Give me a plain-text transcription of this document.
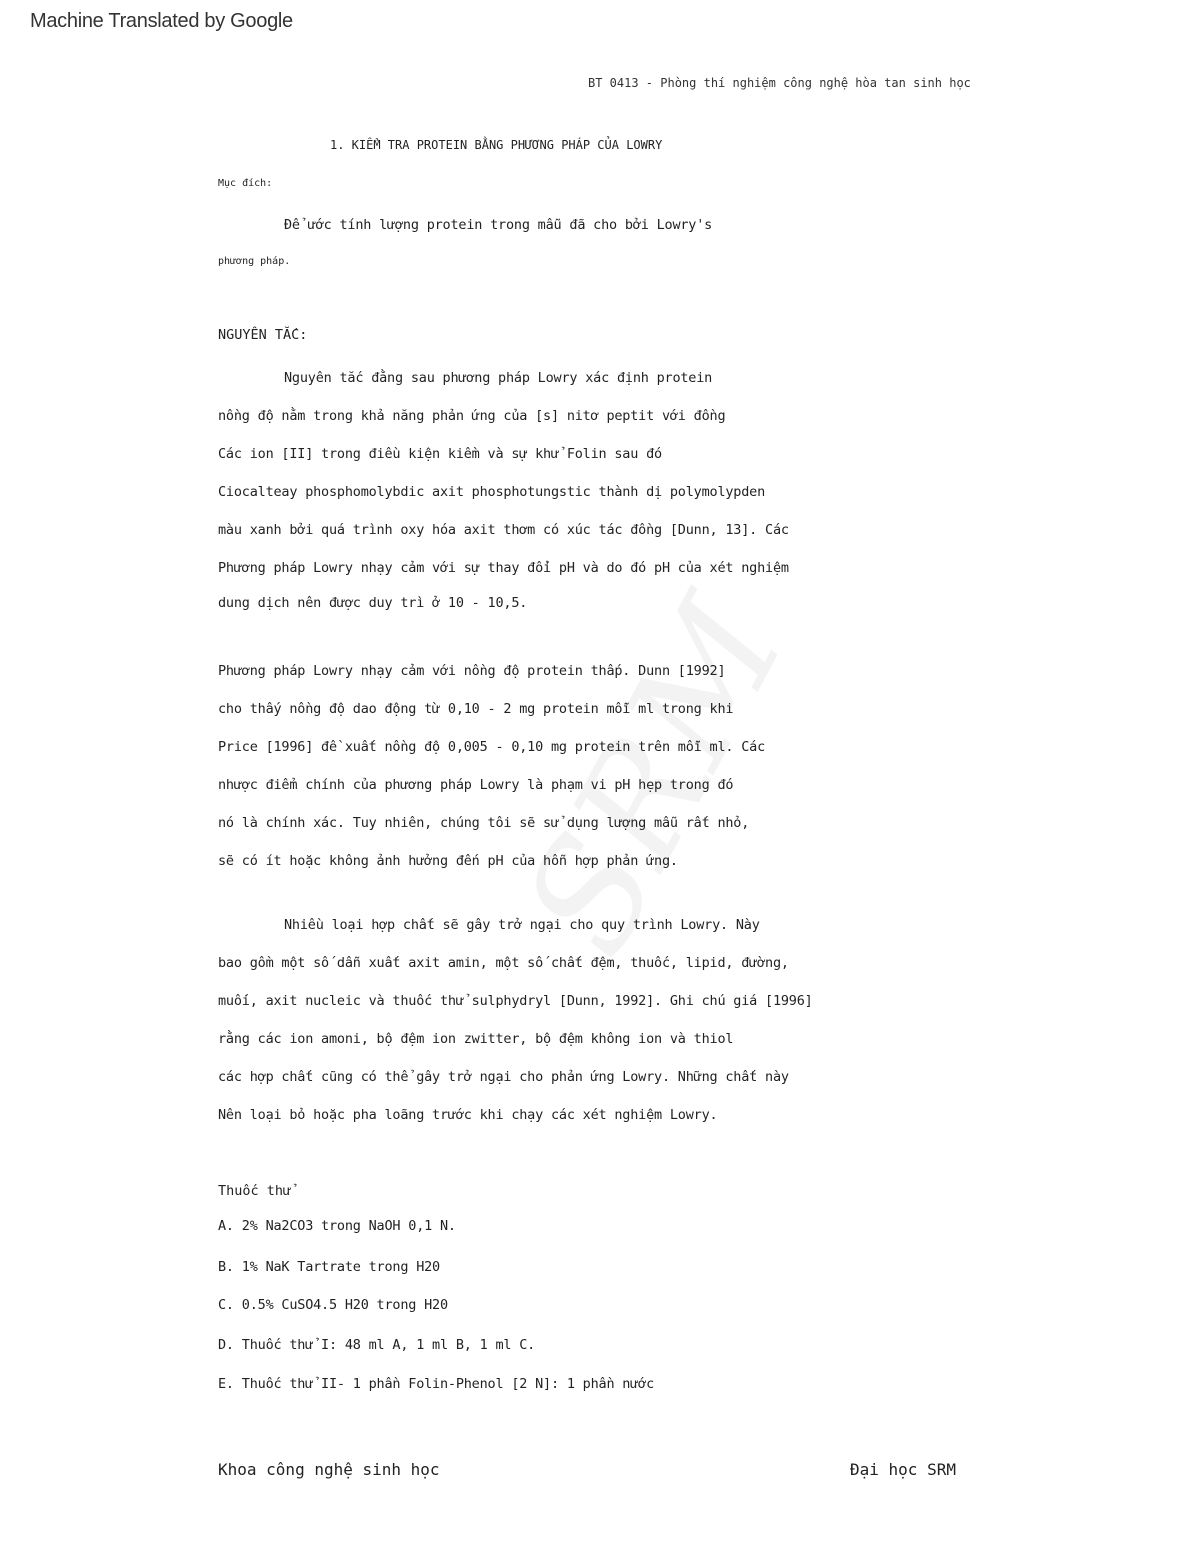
Machine Translated by Google
BT 0413 - Phòng thí nghiệm công nghệ hòa tan sinh học
1. KIỂM TRA PROTEIN BẰNG PHƯƠNG PHÁP CỦA LOWRY
Mục đích:
Để ước tính lượng protein trong mẫu đã cho bởi Lowry's
phương pháp.
NGUYÊN TẮC:
Nguyên tắc đằng sau phương pháp Lowry xác định protein
nồng độ nằm trong khả năng phản ứng của [s] nitơ peptit với đồng
Các ion [II] trong điều kiện kiềm và sự khử Folin sau đó
Ciocalteay phosphomolybdic axit phosphotungstic thành dị polymolypden
màu xanh bởi quá trình oxy hóa axit thơm có xúc tác đồng [Dunn, 13]. Các
Phương pháp Lowry nhạy cảm với sự thay đổi pH và do đó pH của xét nghiệm
dung dịch nên được duy trì ở 10 - 10,5.
Phương pháp Lowry nhạy cảm với nồng độ protein thấp. Dunn [1992]
cho thấy nồng độ dao động từ 0,10 - 2 mg protein mỗi ml trong khi
Price [1996] đề xuất nồng độ 0,005 - 0,10 mg protein trên mỗi ml. Các
nhược điểm chính của phương pháp Lowry là phạm vi pH hẹp trong đó
nó là chính xác. Tuy nhiên, chúng tôi sẽ sử dụng lượng mẫu rất nhỏ,
sẽ có ít hoặc không ảnh hưởng đến pH của hỗn hợp phản ứng.
Nhiều loại hợp chất sẽ gây trở ngại cho quy trình Lowry. Này
bao gồm một số dẫn xuất axit amin, một số chất đệm, thuốc, lipid, đường,
muối, axit nucleic và thuốc thử sulphydryl [Dunn, 1992]. Ghi chú giá [1996]
rằng các ion amoni, bộ đệm ion zwitter, bộ đệm không ion và thiol
các hợp chất cũng có thể gây trở ngại cho phản ứng Lowry. Những chất này
Nên loại bỏ hoặc pha loãng trước khi chạy các xét nghiệm Lowry.
Thuốc thử
A. 2% Na2CO3 trong NaOH 0,1 N.
B. 1% NaK Tartrate trong H20
C. 0.5% CuSO4.5 H20 trong H20
D. Thuốc thử I: 48 ml A, 1 ml B, 1 ml C.
E. Thuốc thử II- 1 phần Folin-Phenol [2 N]: 1 phần nước
Khoa công nghệ sinh học	Đại học SRM
